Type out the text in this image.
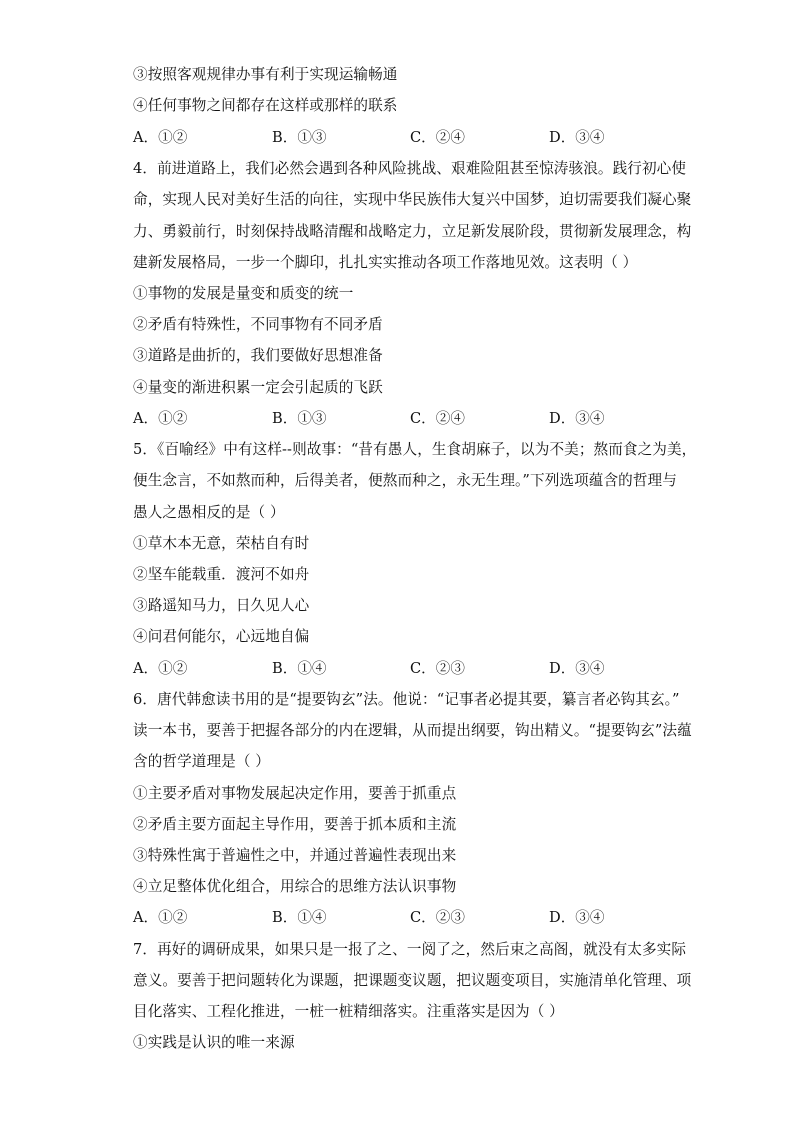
③按照客观规律办事有利于实现运输畅通
④任何事物之间都存在这样或那样的联系
A．①②	B．①③	C．②④	D．③④
4．前进道路上，我们必然会遇到各种风险挑战、艰难险阻甚至惊涛骇浪。践行初心使
命，实现人民对美好生活的向往，实现中华民族伟大复兴中国梦，迫切需要我们凝心聚
力、勇毅前行，时刻保持战略清醒和战略定力，立足新发展阶段，贯彻新发展理念，构
建新发展格局，一步一个脚印，扎扎实实推动各项工作落地见效。这表明（ ）
①事物的发展是量变和质变的统一
②矛盾有特殊性，不同事物有不同矛盾
③道路是曲折的，我们要做好思想准备
④量变的渐进积累一定会引起质的飞跃
A．①②	B．①③	C．②④	D．③④
5．《百喻经》中有这样--则故事：“昔有愚人，生食胡麻子，以为不美；熬而食之为美，
便生念言，不如熬而种，后得美者，便熬而种之，永无生理。”下列选项蕴含的哲理与
愚人之愚相反的是（ ）
①草木本无意，荣枯自有时
②坚车能载重．渡河不如舟
③路遥知马力，日久见人心
④问君何能尔，心远地自偏
A．①②	B．①④	C．②③	D．③④
6．唐代韩愈读书用的是“提要钩玄”法。他说：“记事者必提其要，纂言者必钩其玄。”
读一本书，要善于把握各部分的内在逻辑，从而提出纲要，钩出精义。“提要钩玄”法蕴
含的哲学道理是（ ）
①主要矛盾对事物发展起决定作用，要善于抓重点
②矛盾主要方面起主导作用，要善于抓本质和主流
③特殊性寓于普遍性之中，并通过普遍性表现出来
④立足整体优化组合，用综合的思维方法认识事物
A．①②	B．①④	C．②③	D．③④
7．再好的调研成果，如果只是一报了之、一阅了之，然后束之高阁，就没有太多实际
意义。要善于把问题转化为课题，把课题变议题，把议题变项目，实施清单化管理、项
目化落实、工程化推进，一桩一桩精细落实。注重落实是因为（ ）
①实践是认识的唯一来源
